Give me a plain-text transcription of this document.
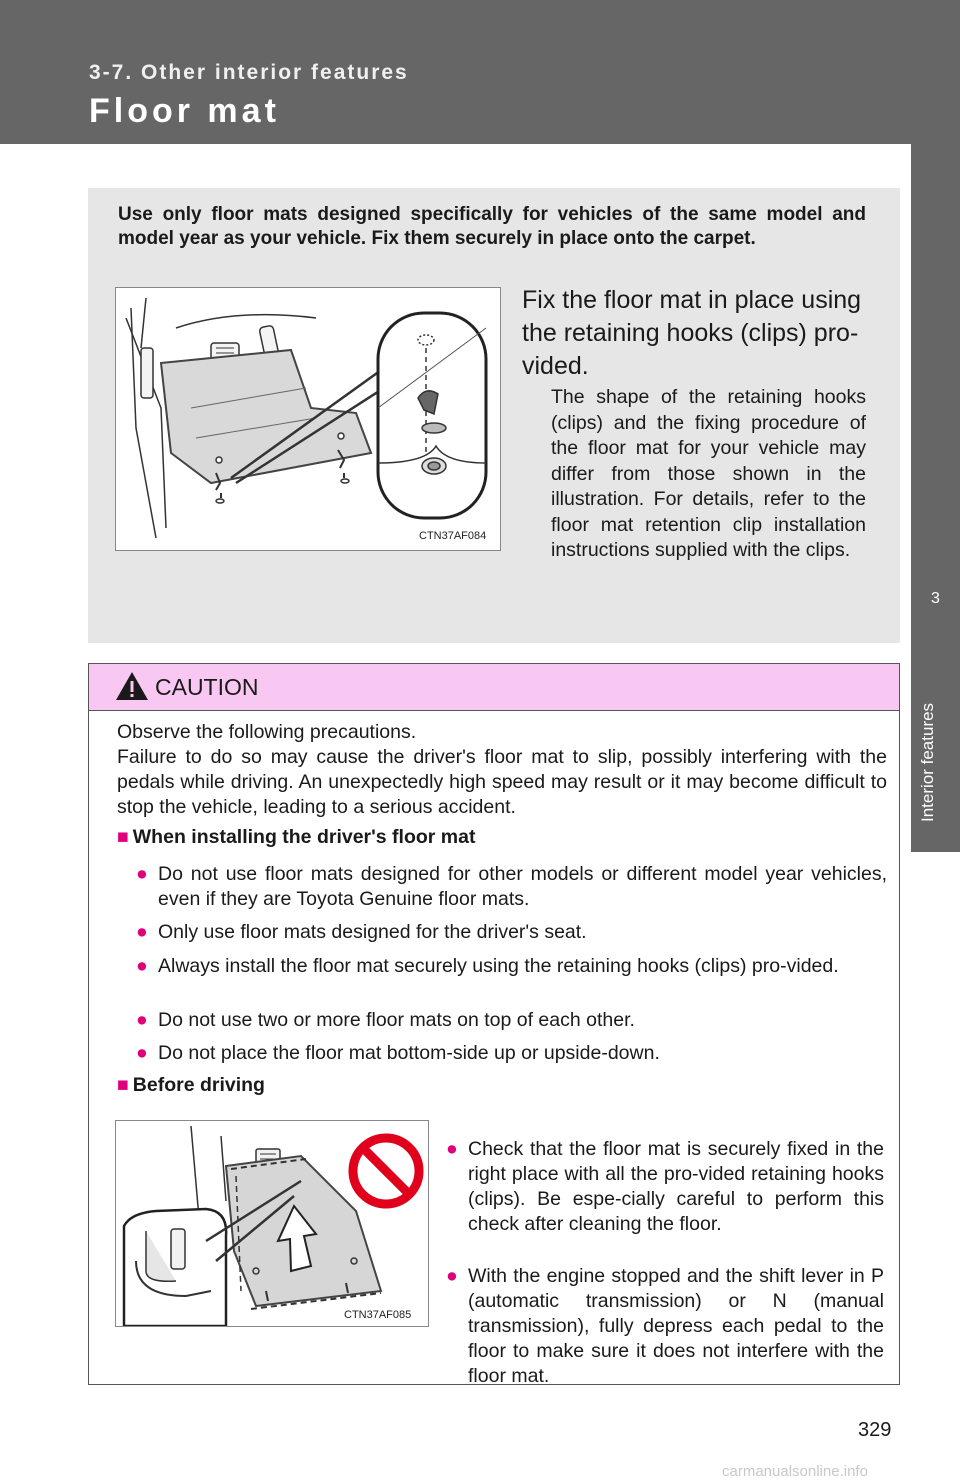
3-7. Other interior features
Floor mat
3
Interior features
Use only floor mats designed specifically for vehicles of the same model and model year as your vehicle. Fix them securely in place onto the carpet.
CTN37AF084
Fix the floor mat in place using the retaining hooks (clips) pro-vided.
The shape of the retaining hooks (clips) and the fixing procedure of the floor mat for your vehicle may differ from those shown in the illustration. For details, refer to the floor mat retention clip installation instructions supplied with the clips.
CAUTION
Observe the following precautions.
Failure to do so may cause the driver's floor mat to slip, possibly interfering with the pedals while driving. An unexpectedly high speed may result or it may become difficult to stop the vehicle, leading to a serious accident.
■ When installing the driver's floor mat
● Do not use floor mats designed for other models or different model year vehicles, even if they are Toyota Genuine floor mats.
● Only use floor mats designed for the driver's seat.
● Always install the floor mat securely using the retaining hooks (clips) pro-vided.
● Do not use two or more floor mats on top of each other.
● Do not place the floor mat bottom-side up or upside-down.
■ Before driving
CTN37AF085
● Check that the floor mat is securely fixed in the right place with all the pro-vided retaining hooks (clips). Be espe-cially careful to perform this check after cleaning the floor.
● With the engine stopped and the shift lever in P (automatic transmission) or N (manual transmission), fully depress each pedal to the floor to make sure it does not interfere with the floor mat.
329
carmanualsonline.info
